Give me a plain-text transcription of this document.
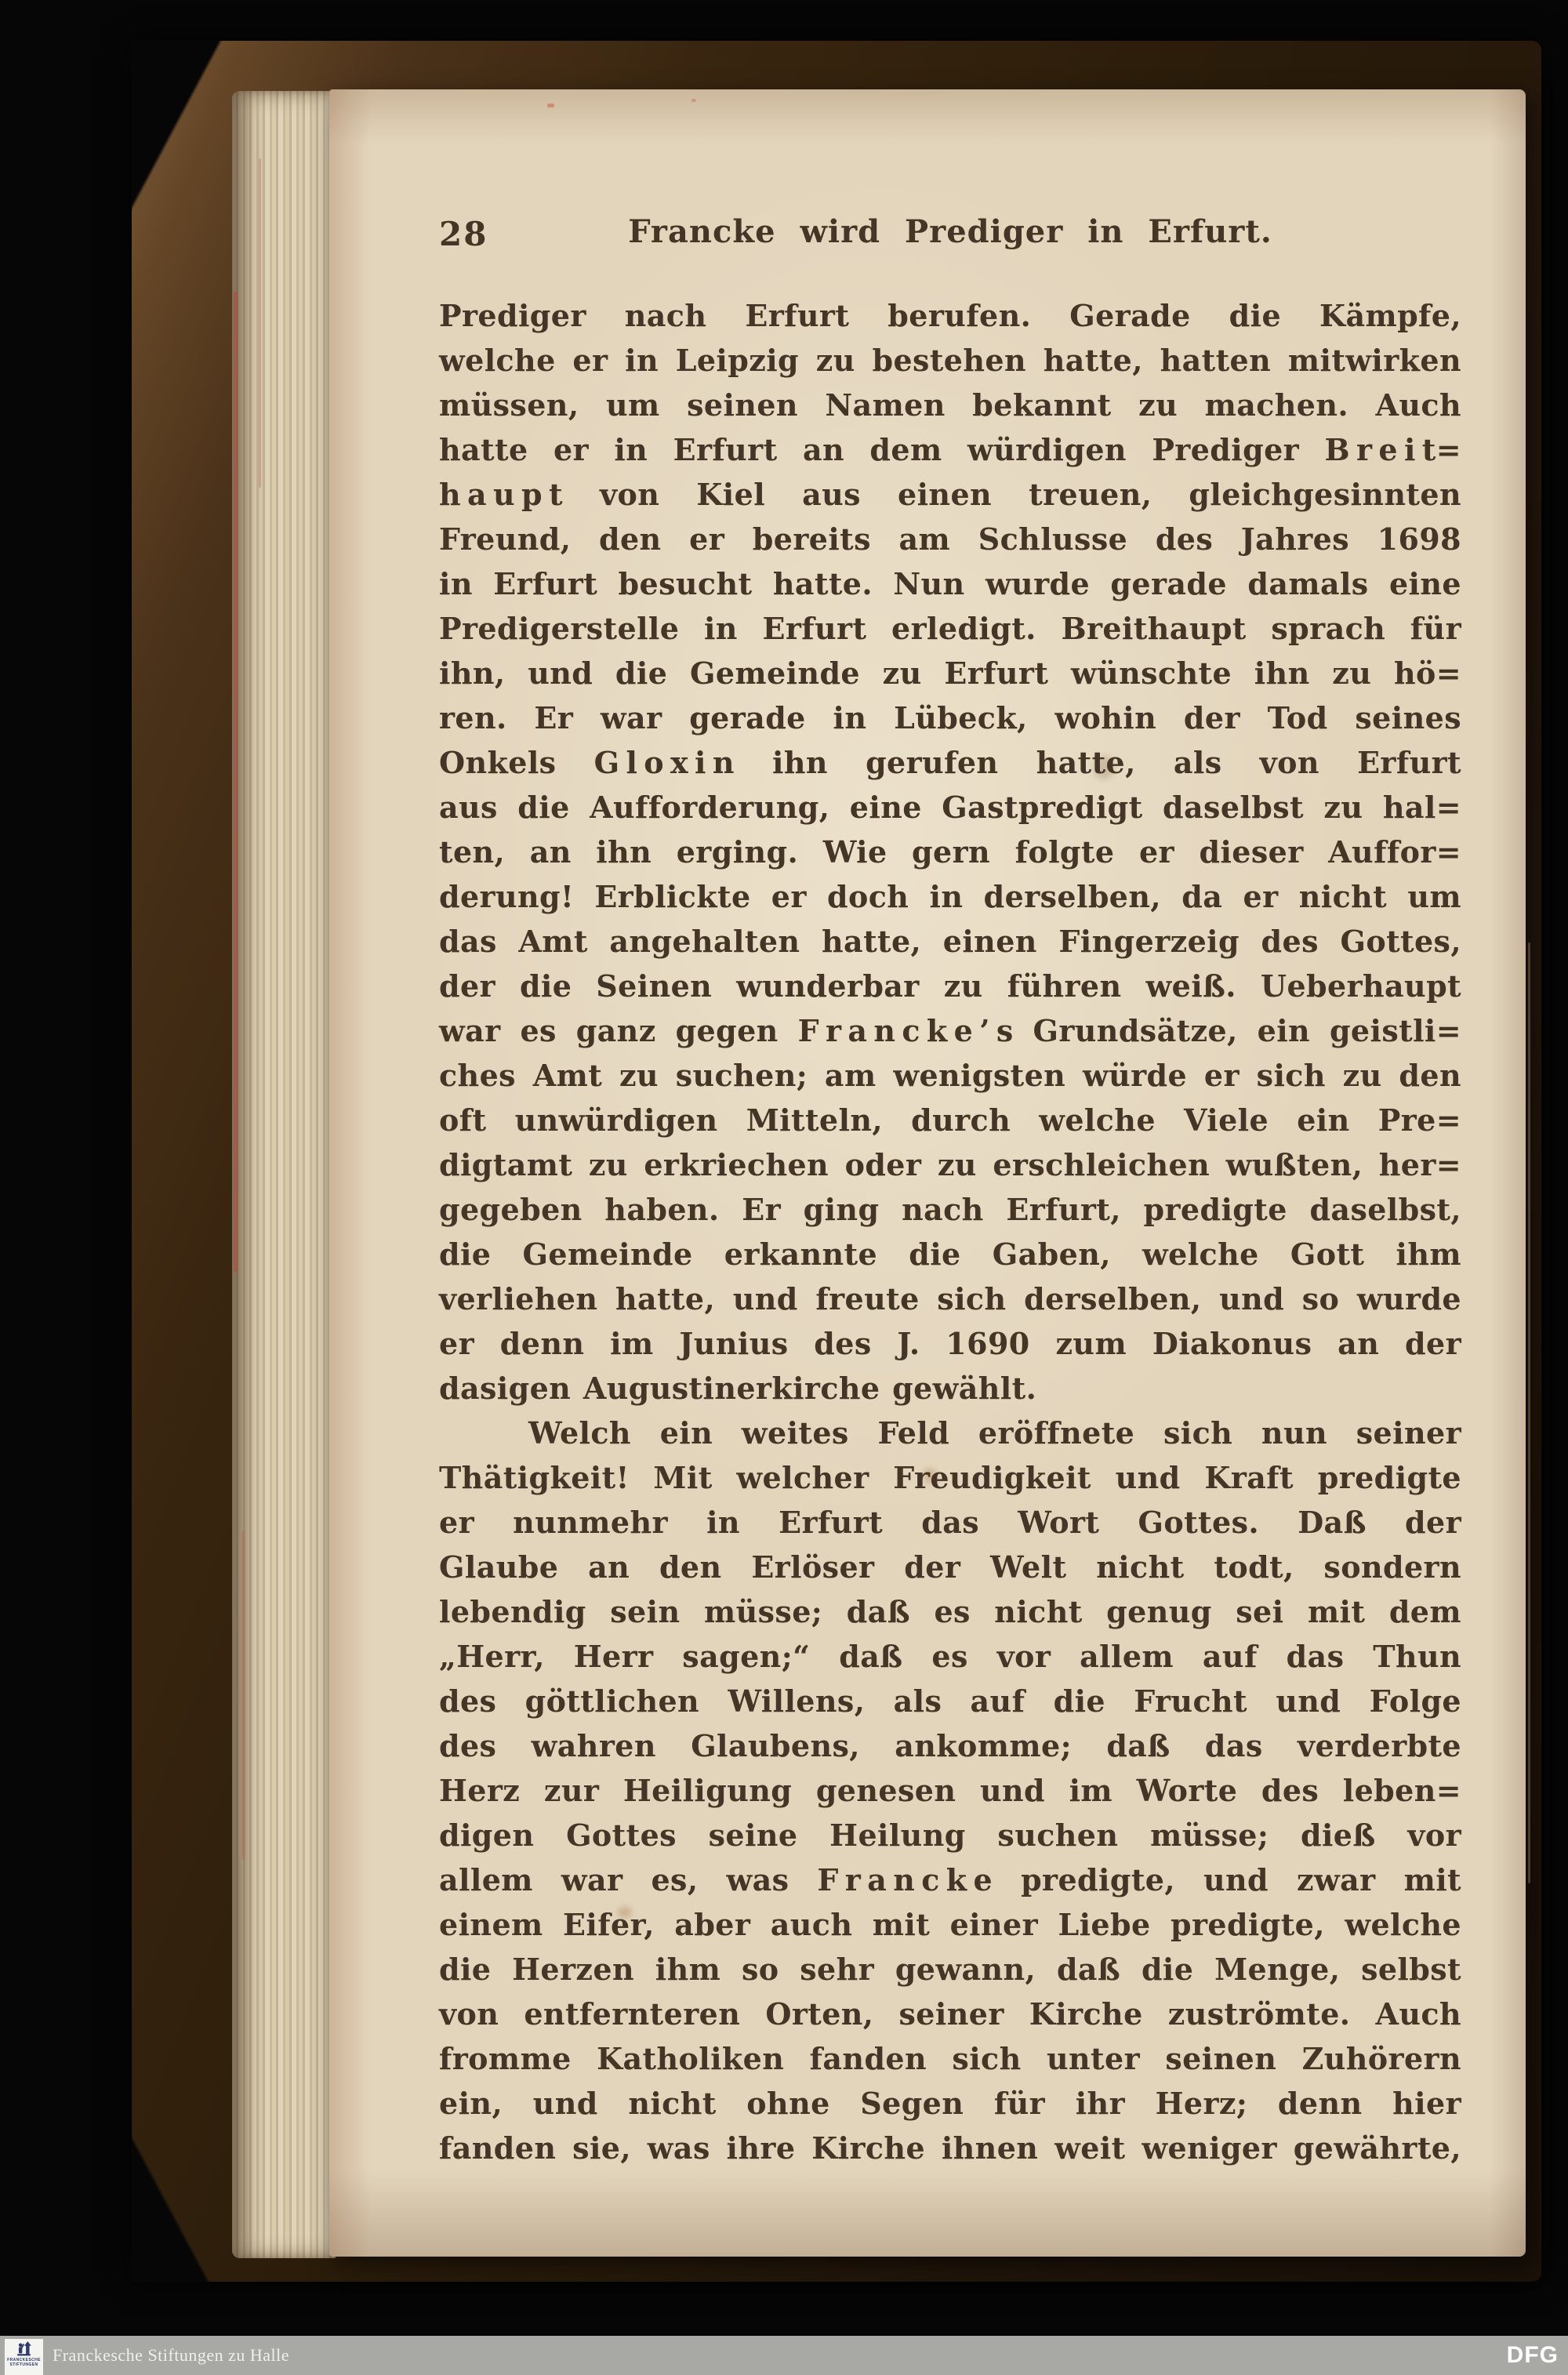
28	Francke wird Prediger in Erfurt.
Prediger nach Erfurt berufen. Gerade die Kämpfe,
welche er in Leipzig zu bestehen hatte, hatten mitwirken
müssen, um seinen Namen bekannt zu machen. Auch
hatte er in Erfurt an dem würdigen Prediger B r e i t=
h a u p t von Kiel aus einen treuen, gleichgesinnten
Freund, den er bereits am Schlusse des Jahres 1698
in Erfurt besucht hatte. Nun wurde gerade damals eine
Predigerstelle in Erfurt erledigt. Breithaupt sprach für
ihn, und die Gemeinde zu Erfurt wünschte ihn zu hö=
ren. Er war gerade in Lübeck, wohin der Tod seines
Onkels G l o x i n ihn gerufen hatte, als von Erfurt
aus die Aufforderung, eine Gastpredigt daselbst zu hal=
ten, an ihn erging. Wie gern folgte er dieser Auffor=
derung! Erblickte er doch in derselben, da er nicht um
das Amt angehalten hatte, einen Fingerzeig des Gottes,
der die Seinen wunderbar zu führen weiß. Ueberhaupt
war es ganz gegen F r a n c k e ’ s Grundsätze, ein geistli=
ches Amt zu suchen; am wenigsten würde er sich zu den
oft unwürdigen Mitteln, durch welche Viele ein Pre=
digtamt zu erkriechen oder zu erschleichen wußten, her=
gegeben haben. Er ging nach Erfurt, predigte daselbst,
die Gemeinde erkannte die Gaben, welche Gott ihm
verliehen hatte, und freute sich derselben, und so wurde
er denn im Junius des J. 1690 zum Diakonus an der
dasigen Augustinerkirche gewählt.
Welch ein weites Feld eröffnete sich nun seiner
Thätigkeit! Mit welcher Freudigkeit und Kraft predigte
er nunmehr in Erfurt das Wort Gottes. Daß der
Glaube an den Erlöser der Welt nicht todt, sondern
lebendig sein müsse; daß es nicht genug sei mit dem
„Herr, Herr sagen;“ daß es vor allem auf das Thun
des göttlichen Willens, als auf die Frucht und Folge
des wahren Glaubens, ankomme; daß das verderbte
Herz zur Heiligung genesen und im Worte des leben=
digen Gottes seine Heilung suchen müsse; dieß vor
allem war es, was F r a n c k e predigte, und zwar mit
einem Eifer, aber auch mit einer Liebe predigte, welche
die Herzen ihm so sehr gewann, daß die Menge, selbst
von entfernteren Orten, seiner Kirche zuströmte. Auch
fromme Katholiken fanden sich unter seinen Zuhörern
ein, und nicht ohne Segen für ihr Herz; denn hier
fanden sie, was ihre Kirche ihnen weit weniger gewährte,
FRANCKESCHE
STIFTUNGEN Franckesche Stiftungen zu Halle	DFG
